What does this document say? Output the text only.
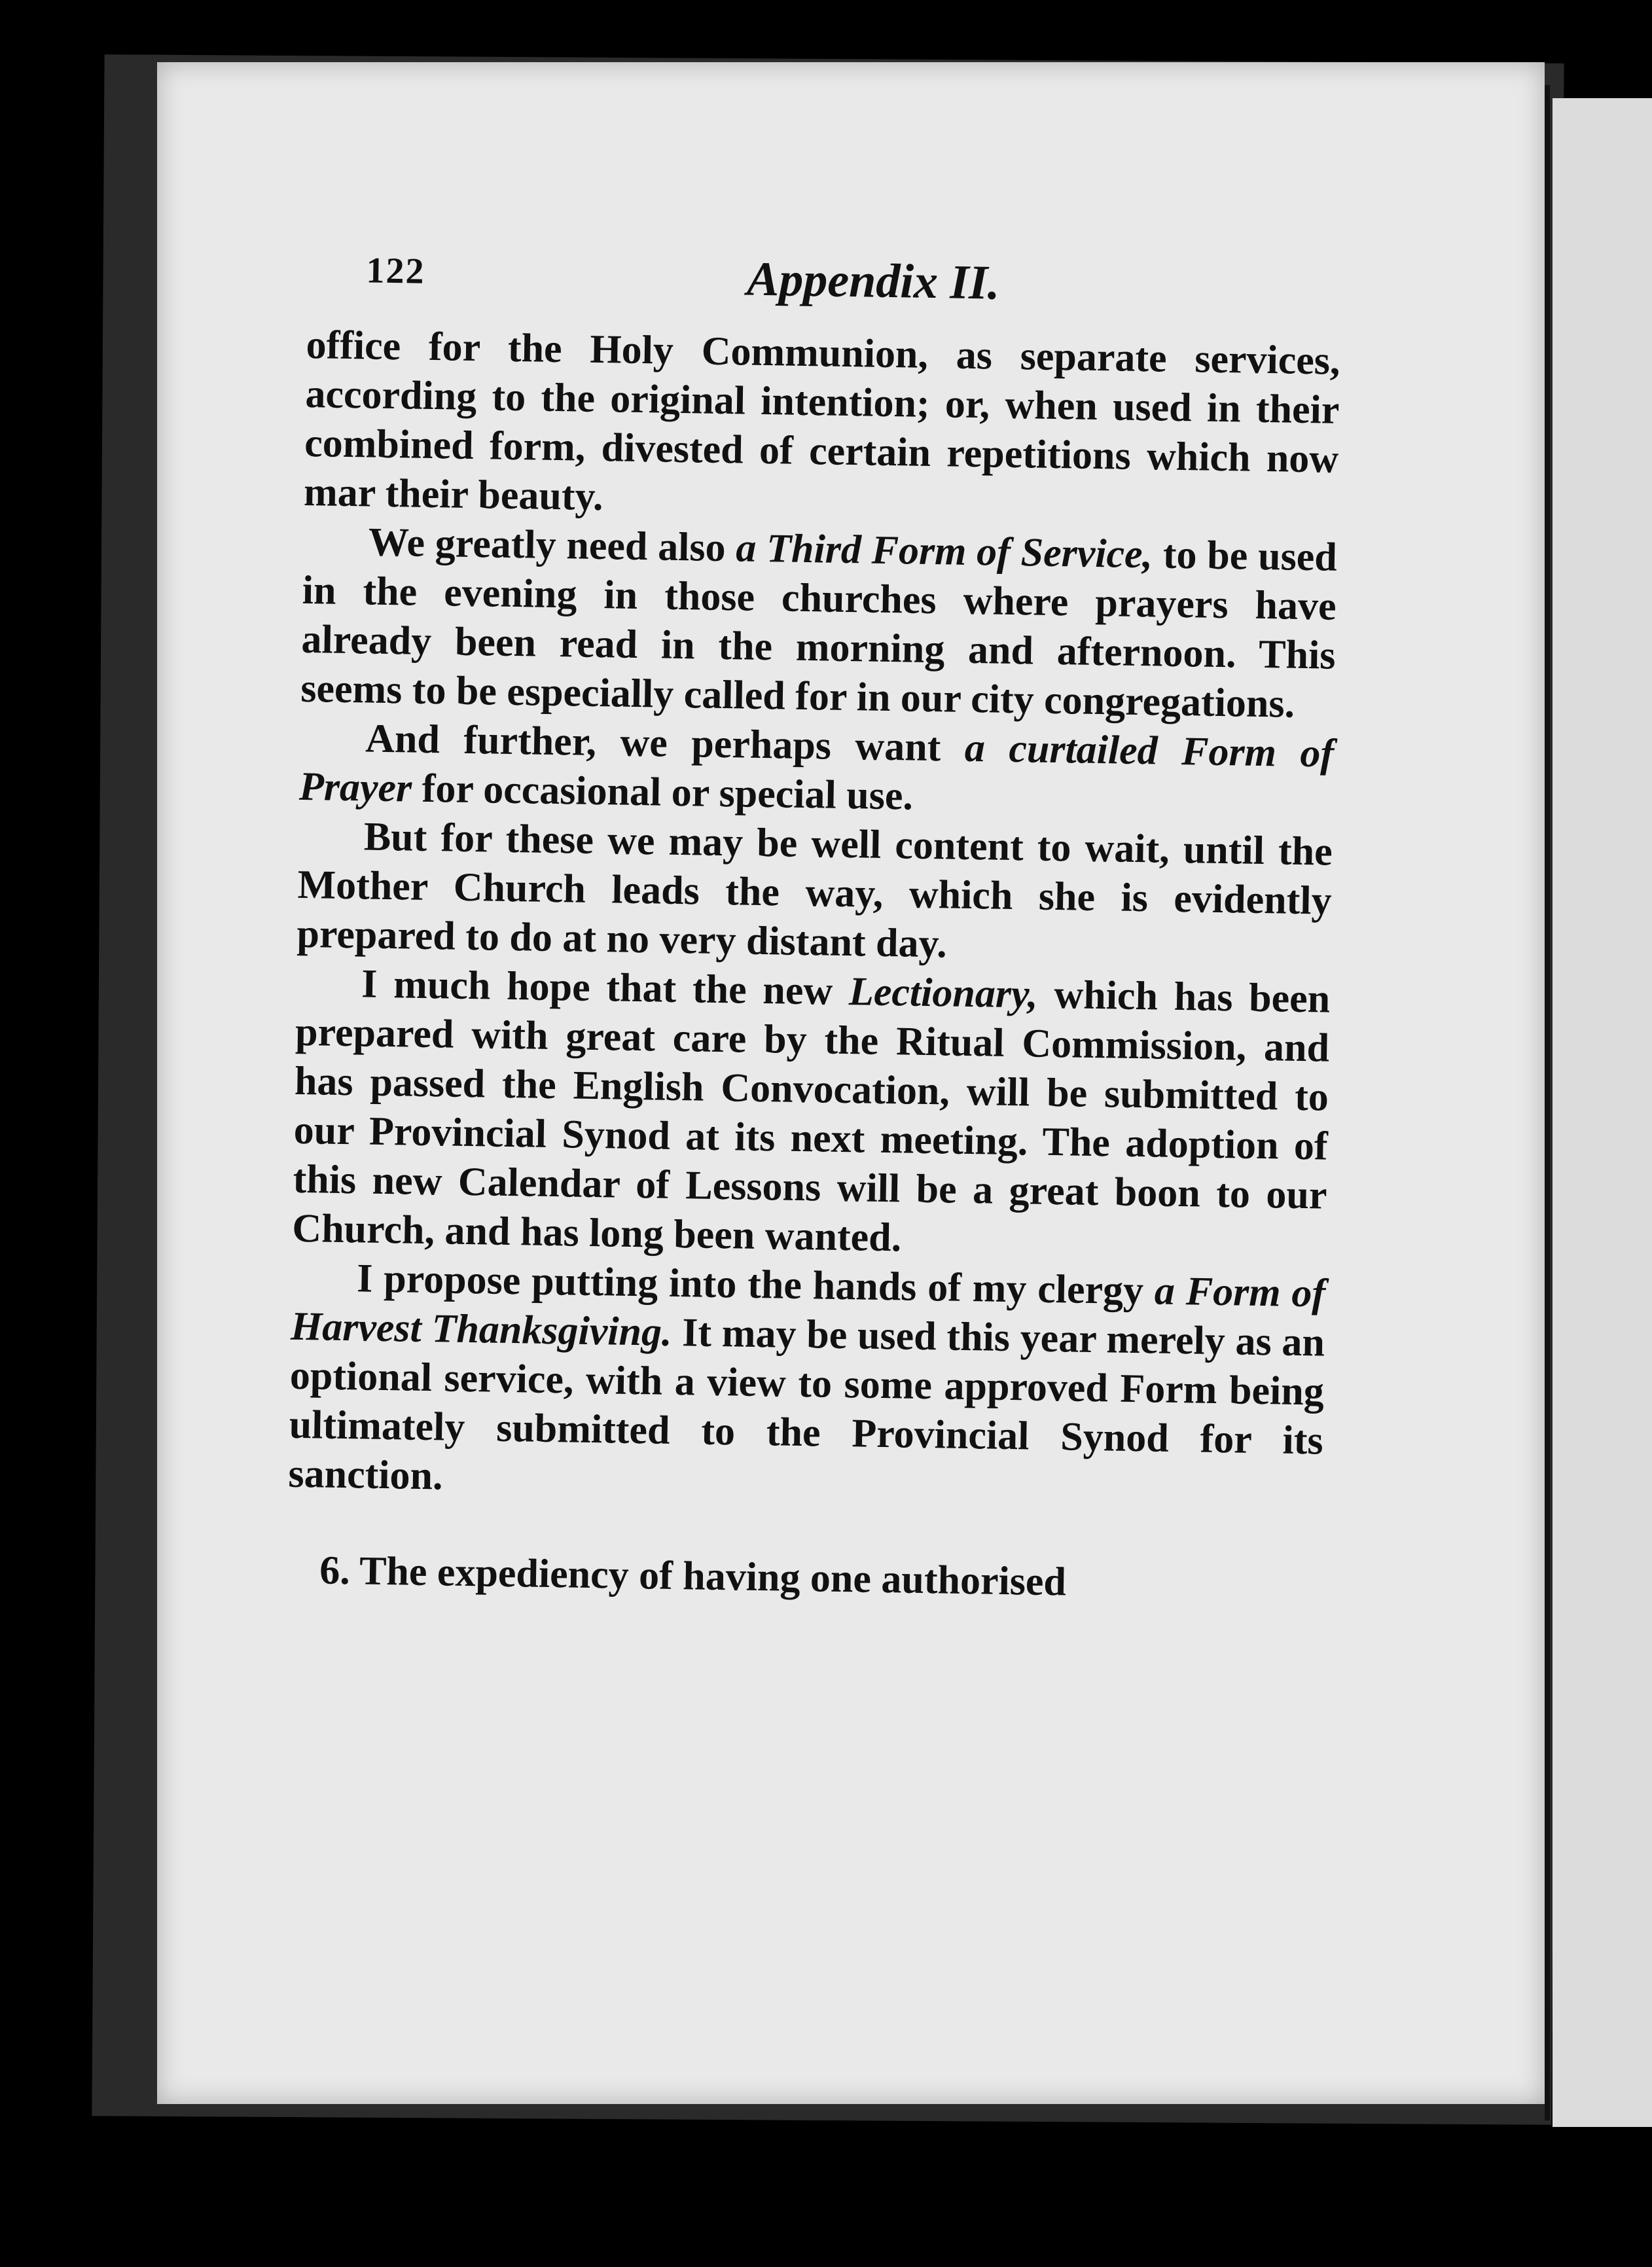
122	Appendix II.

office for the Holy Communion, as separate services, according to the original intention; or, when used in their combined form, divested of certain repetitions which now mar their beauty.

We greatly need also a Third Form of Service, to be used in the evening in those churches where prayers have already been read in the morning and afternoon. This seems to be especially called for in our city congregations.

And further, we perhaps want a curtailed Form of Prayer for occasional or special use.

But for these we may be well content to wait, until the Mother Church leads the way, which she is evidently prepared to do at no very distant day.

I much hope that the new Lectionary, which has been prepared with great care by the Ritual Commission, and has passed the English Convocation, will be submitted to our Provincial Synod at its next meeting. The adoption of this new Calendar of Lessons will be a great boon to our Church, and has long been wanted.

I propose putting into the hands of my clergy a Form of Harvest Thanksgiving. It may be used this year merely as an optional service, with a view to some approved Form being ultimately submitted to the Provincial Synod for its sanction.

6. The expediency of having one authorised
